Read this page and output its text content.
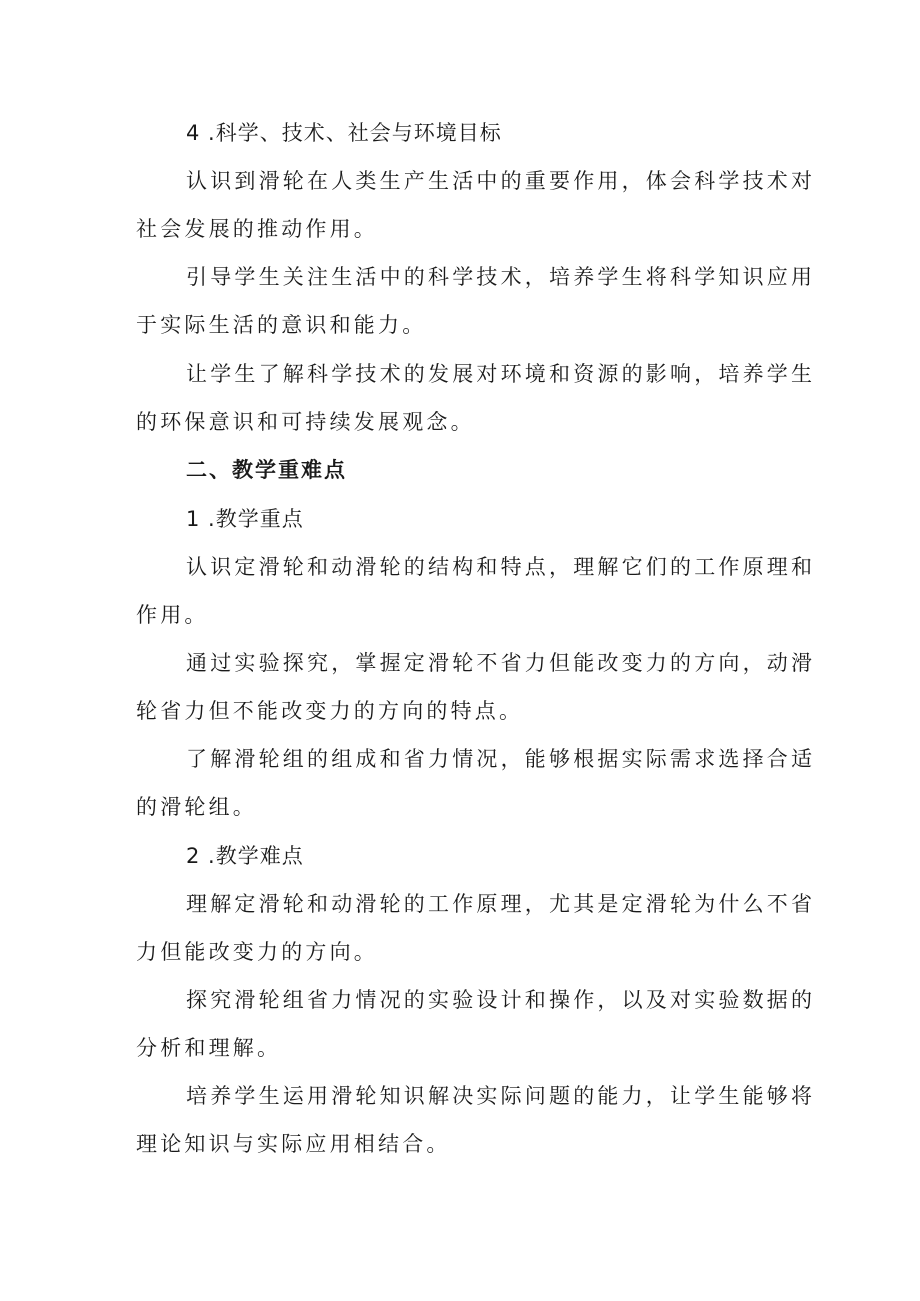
4 .科学、技术、社会与环境目标
认识到滑轮在人类生产生活中的重要作用，体会科学技术对
社会发展的推动作用。
引导学生关注生活中的科学技术，培养学生将科学知识应用
于实际生活的意识和能力。
让学生了解科学技术的发展对环境和资源的影响，培养学生
的环保意识和可持续发展观念。
二、教学重难点
1 .教学重点
认识定滑轮和动滑轮的结构和特点，理解它们的工作原理和
作用。
通过实验探究，掌握定滑轮不省力但能改变力的方向，动滑
轮省力但不能改变力的方向的特点。
了解滑轮组的组成和省力情况，能够根据实际需求选择合适
的滑轮组。
2 .教学难点
理解定滑轮和动滑轮的工作原理，尤其是定滑轮为什么不省
力但能改变力的方向。
探究滑轮组省力情况的实验设计和操作，以及对实验数据的
分析和理解。
培养学生运用滑轮知识解决实际问题的能力，让学生能够将
理论知识与实际应用相结合。
